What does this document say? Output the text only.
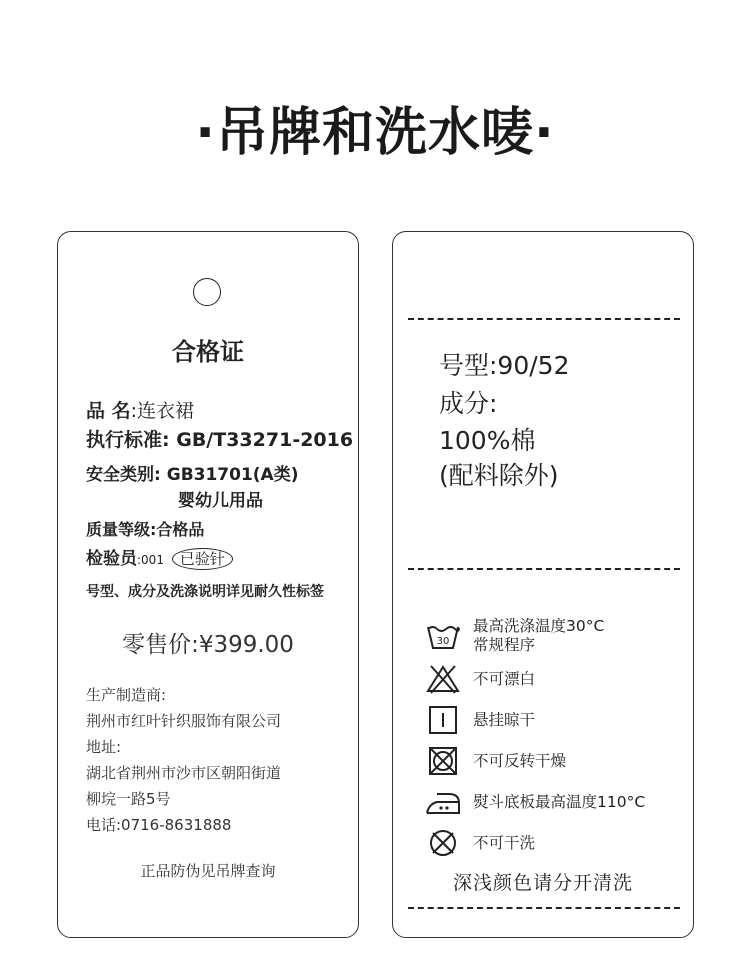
·吊牌和洗水唛·
合格证
品 名:连衣裙
执行标准: GB/T33271-2016
安全类别: GB31701(A类)
婴幼儿用品
质量等级:合格品
检验员:001 已验针
号型、成分及洗涤说明详见耐久性标签
零售价:¥399.00
生产制造商:
荆州市红叶针织服饰有限公司
地址:
湖北省荆州市沙市区朝阳街道
柳垸一路5号
电话:0716-8631888
正品防伪见吊牌查询
号型:90/52
成分:
100%棉
(配料除外)
30
最高洗涤温度30°C
常规程序
不可漂白
悬挂晾干
不可反转干燥
熨斗底板最高温度110°C
不可干洗
深浅颜色请分开清洗
